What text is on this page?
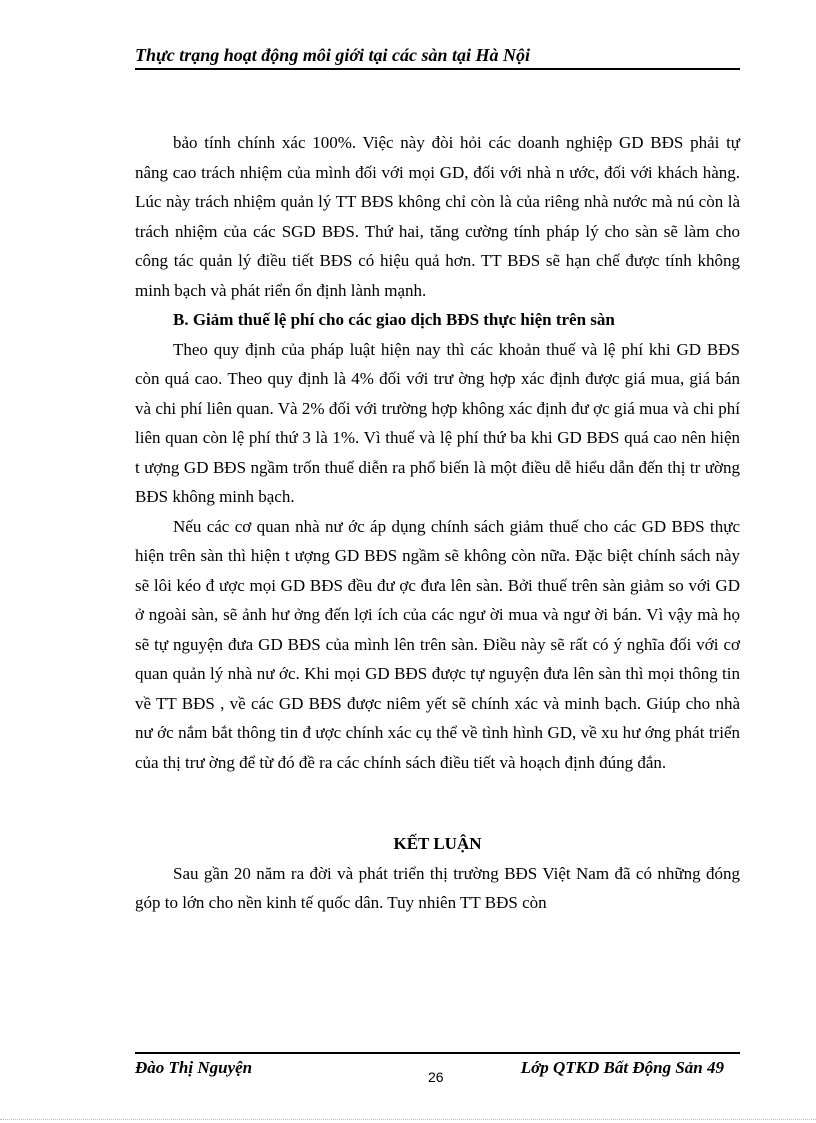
Thực trạng hoạt động môi giới tại các sàn tại Hà Nội

bảo tính chính xác 100%. Việc này đòi hỏi các doanh nghiệp GD BĐS phải tự nâng cao trách nhiệm của mình đối với mọi GD, đối với nhà n ước, đối với khách hàng. Lúc này trách nhiệm quản lý TT BĐS không chỉ còn là của riêng nhà nước mà nú còn là trách nhiệm của các SGD BĐS. Thứ hai, tăng cường tính pháp lý cho sàn sẽ làm cho công tác quản lý điều tiết BĐS có hiệu quả hơn. TT BĐS sẽ hạn chế được tính không minh bạch và phát riển ổn định lành mạnh.

B. Giảm thuế lệ phí cho các giao dịch BĐS thực hiện trên sàn

Theo quy định của pháp luật hiện nay thì các khoản thuế và lệ phí khi GD BĐS còn quá cao. Theo quy định là 4% đối với trư ờng hợp xác định được giá mua, giá bán và chi phí liên quan. Và 2% đối với trường hợp không xác định đư ợc giá mua và chi phí liên quan còn lệ phí thứ 3 là 1%. Vì thuế và lệ phí thứ ba khi GD BĐS quá cao nên hiện t ượng GD BĐS ngầm trốn thuế diễn ra phổ biến là một điều dễ hiểu dẫn đến thị tr ường BĐS không minh bạch.

Nếu các cơ quan nhà nư ớc áp dụng chính sách giảm thuế cho các GD BĐS thực hiện trên sàn thì hiện t ượng GD BĐS ngầm sẽ không còn nữa. Đặc biệt chính sách này sẽ lôi kéo đ ược mọi GD BĐS đều đư ợc đưa lên sàn. Bởi thuế trên sàn giảm so với GD ở ngoài sàn, sẽ ảnh hư ởng đến lợi ích của các ngư ời mua và ngư ời bán. Vì vậy mà họ sẽ tự nguyện đưa GD BĐS của mình lên trên sàn. Điều này sẽ rất có ý nghĩa đối với cơ quan quản lý nhà nư ớc. Khi mọi GD BĐS được tự nguyện đưa lên sàn thì mọi thông tin về TT BĐS , về các GD BĐS được niêm yết sẽ chính xác và minh bạch. Giúp cho nhà nư ớc nắm bắt thông tin đ ược chính xác cụ thể về tình hình GD, về xu hư ớng phát triển của thị trư ờng để từ đó đề ra các chính sách điều tiết và hoạch định đúng đắn.

KẾT LUẬN

Sau gần 20 năm ra đời và phát triển thị trường BĐS Việt Nam đã có những đóng góp to lớn cho nền kinh tế quốc dân. Tuy nhiên TT BĐS còn

Đào Thị Nguyện	26	Lớp QTKD Bất Động Sản 49
